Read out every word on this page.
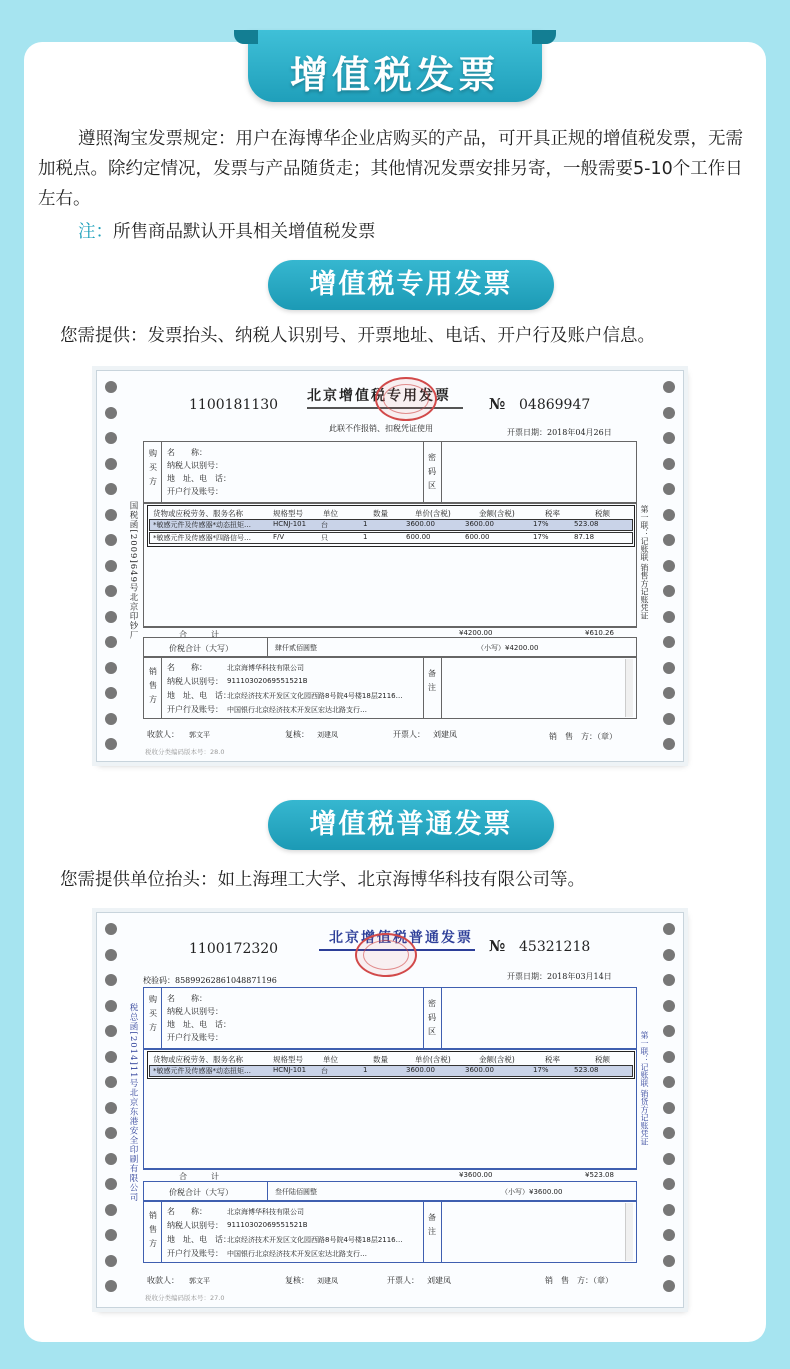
增值税发票
遵照淘宝发票规定：用户在海博华企业店购买的产品，可开具正规的增值税发票，无需加税点。除约定情况，发票与产品随货走；其他情况发票安排另寄，一般需要5-10个工作日左右。
注：所售商品默认开具相关增值税发票
增值税专用发票
您需提供：发票抬头、纳税人识别号、开票地址、电话、开户行及账户信息。
1100181130
北京增值税专用发票
此联不作报销、扣税凭证使用
№ 04869947
开票日期：2018年04月26日
国税函[2009]649号北京印钞厂	第一联：记账联 销售方记账凭证
购买方
名　　称：
纳税人识别号：
地　址、电　话：
开户行及账号：
密码区
货物或应税劳务、服务名称	规格型号	单位	数量	单价(含税)	金额(含税)	税率	税额
*敏感元件及传感器*动态扭矩…	HCNJ-101 台	1	3600.00	3600.00	17%	523.08
*敏感元件及传感器*四路信号…	F/V	只	1	600.00	600.00	17%	87.18
合　　　计	¥4200.00	¥610.26
价税合计（大写）	肆仟贰佰圆整	（小写）¥4200.00
销售方
名　　称：	北京海博华科技有限公司
纳税人识别号： 91110302069551521B
地　址、电　话：
北京经济技术开发区文化园西路8号院4号楼18层2116…
开户行及账号： 中国银行北京经济技术开发区宏达北路支行…
备注
收款人： 郭文平	复核： 刘建凤	开票人： 刘建凤	销　售　方：（章）
税收分类编码版本号：28.0
增值税普通发票
您需提供单位抬头：如上海理工大学、北京海博华科技有限公司等。
1100172320
北京增值税普通发票 № 45321218
开票日期：2018年03月14日
校验码：85899262861048871196
税总函[2014]11号北京东港安全印刷有限公司	第一联：记账联 销货方记账凭证
购买方
名　　称：
纳税人识别号：
地　址、电　话：
开户行及账号：
密码区
货物或应税劳务、服务名称	规格型号	单位	数量	单价(含税)	金额(含税)	税率	税额
*敏感元件及传感器*动态扭矩…	HCNJ-101 台	1	3600.00	3600.00	17%	523.08
合　　　计	¥3600.00	¥523.08
价税合计（大写）	叁仟陆佰圆整	（小写）¥3600.00
销售方
名　　称：	北京海博华科技有限公司
纳税人识别号： 91110302069551521B
地　址、电　话：
北京经济技术开发区文化园西路8号院4号楼18层2116…
开户行及账号： 中国银行北京经济技术开发区宏达北路支行…
备注
收款人： 郭文平	复核： 刘建凤	开票人： 刘建凤	销　售　方：（章）
税收分类编码版本号：27.0
